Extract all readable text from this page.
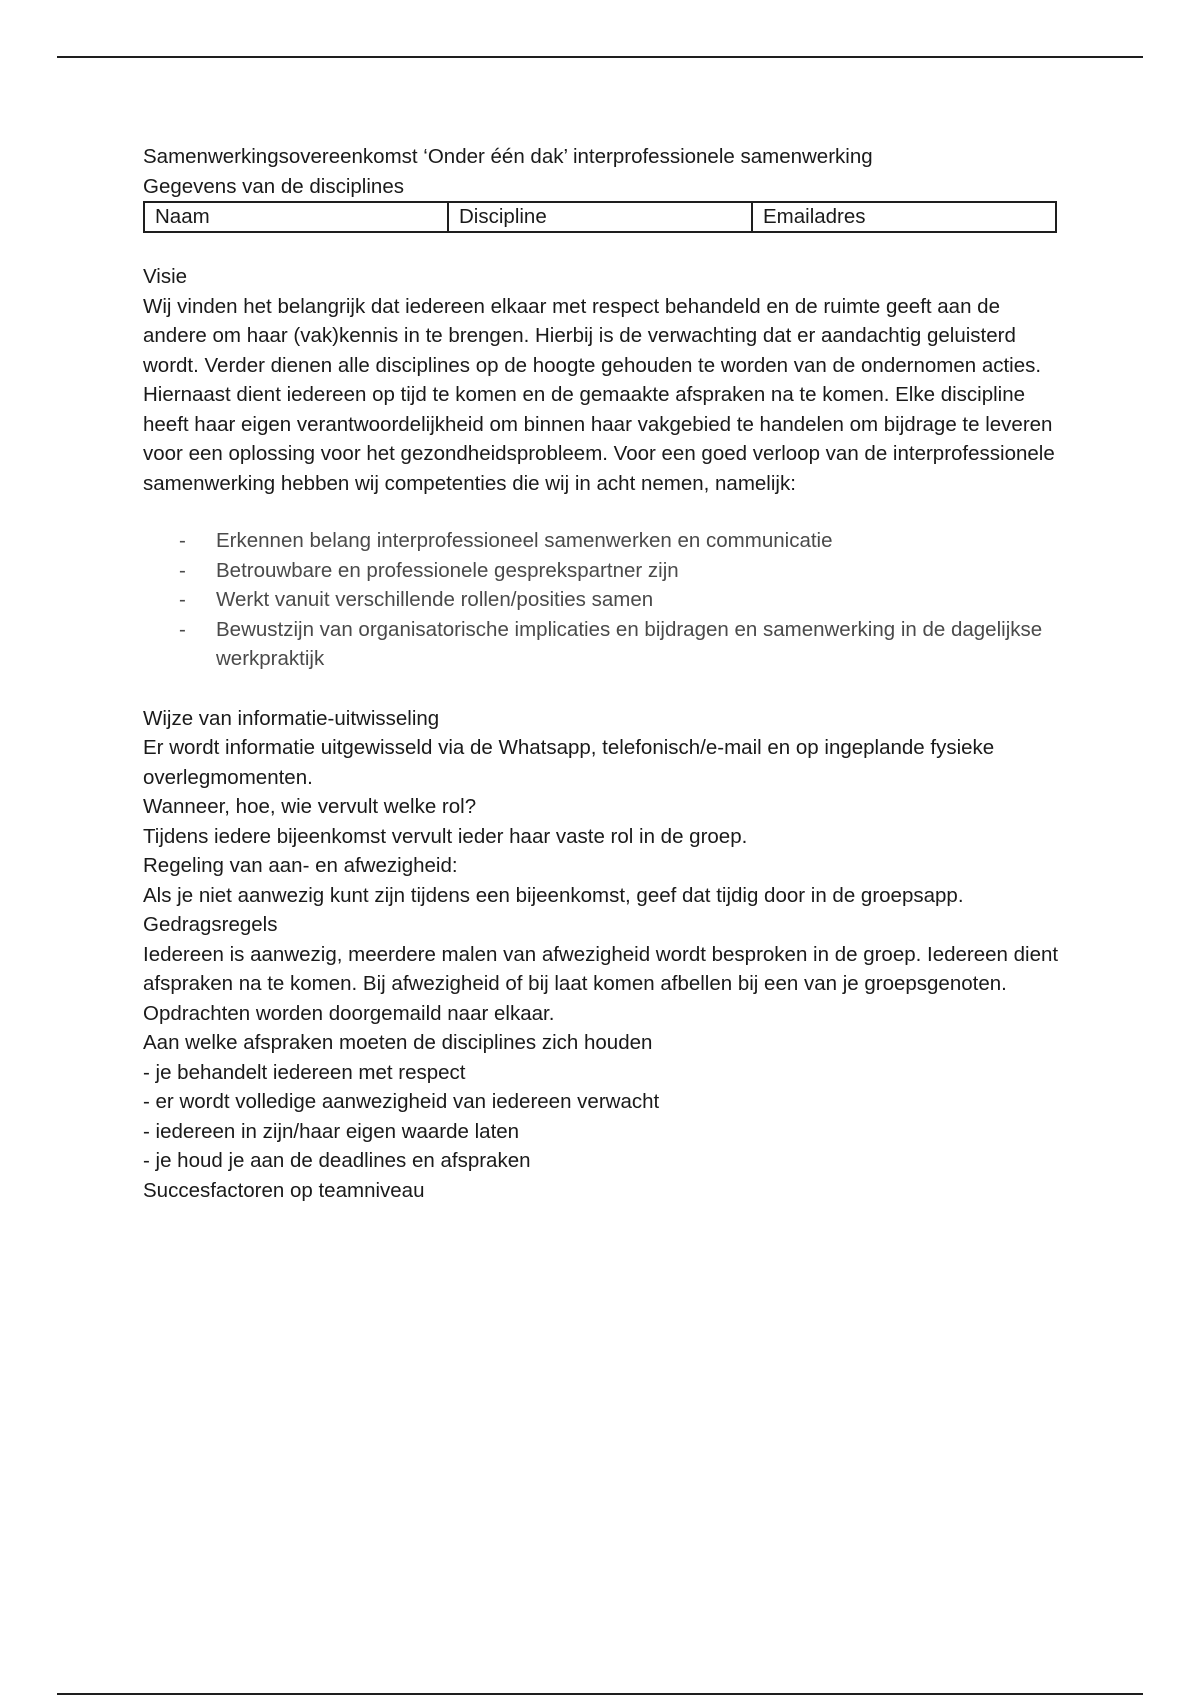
Samenwerkingsovereenkomst ‘Onder één dak’ interprofessionele samenwerking

Gegevens van de disciplines

Naam	Discipline	Emailadres

Visie

Wij vinden het belangrijk dat iedereen elkaar met respect behandeld en de ruimte geeft aan de andere om haar (vak)kennis in te brengen. Hierbij is de verwachting dat er aandachtig geluisterd wordt. Verder dienen alle disciplines op de hoogte gehouden te worden van de ondernomen acties.

Hiernaast dient iedereen op tijd te komen en de gemaakte afspraken na te komen. Elke discipline heeft haar eigen verantwoordelijkheid om binnen haar vakgebied te handelen om bijdrage te leveren voor een oplossing voor het gezondheidsprobleem. Voor een goed verloop van de interprofessionele samenwerking hebben wij competenties die wij in acht nemen, namelijk:

- Erkennen belang interprofessioneel samenwerken en communicatie
- Betrouwbare en professionele gesprekspartner zijn
- Werkt vanuit verschillende rollen/posities samen
- Bewustzijn van organisatorische implicaties en bijdragen en samenwerking in de dagelijkse werkpraktijk

Wijze van informatie-uitwisseling

Er wordt informatie uitgewisseld via de Whatsapp, telefonisch/e-mail en op ingeplande fysieke overlegmomenten.

Wanneer, hoe, wie vervult welke rol?

Tijdens iedere bijeenkomst vervult ieder haar vaste rol in de groep.

Regeling van aan- en afwezigheid:

Als je niet aanwezig kunt zijn tijdens een bijeenkomst, geef dat tijdig door in de groepsapp.

Gedragsregels

Iedereen is aanwezig, meerdere malen van afwezigheid wordt besproken in de groep. Iedereen dient afspraken na te komen. Bij afwezigheid of bij laat komen afbellen bij een van je groepsgenoten. Opdrachten worden doorgemaild naar elkaar.

Aan welke afspraken moeten de disciplines zich houden

- je behandelt iedereen met respect
- er wordt volledige aanwezigheid van iedereen verwacht
- iedereen in zijn/haar eigen waarde laten
- je houd je aan de deadlines en afspraken

Succesfactoren op teamniveau
